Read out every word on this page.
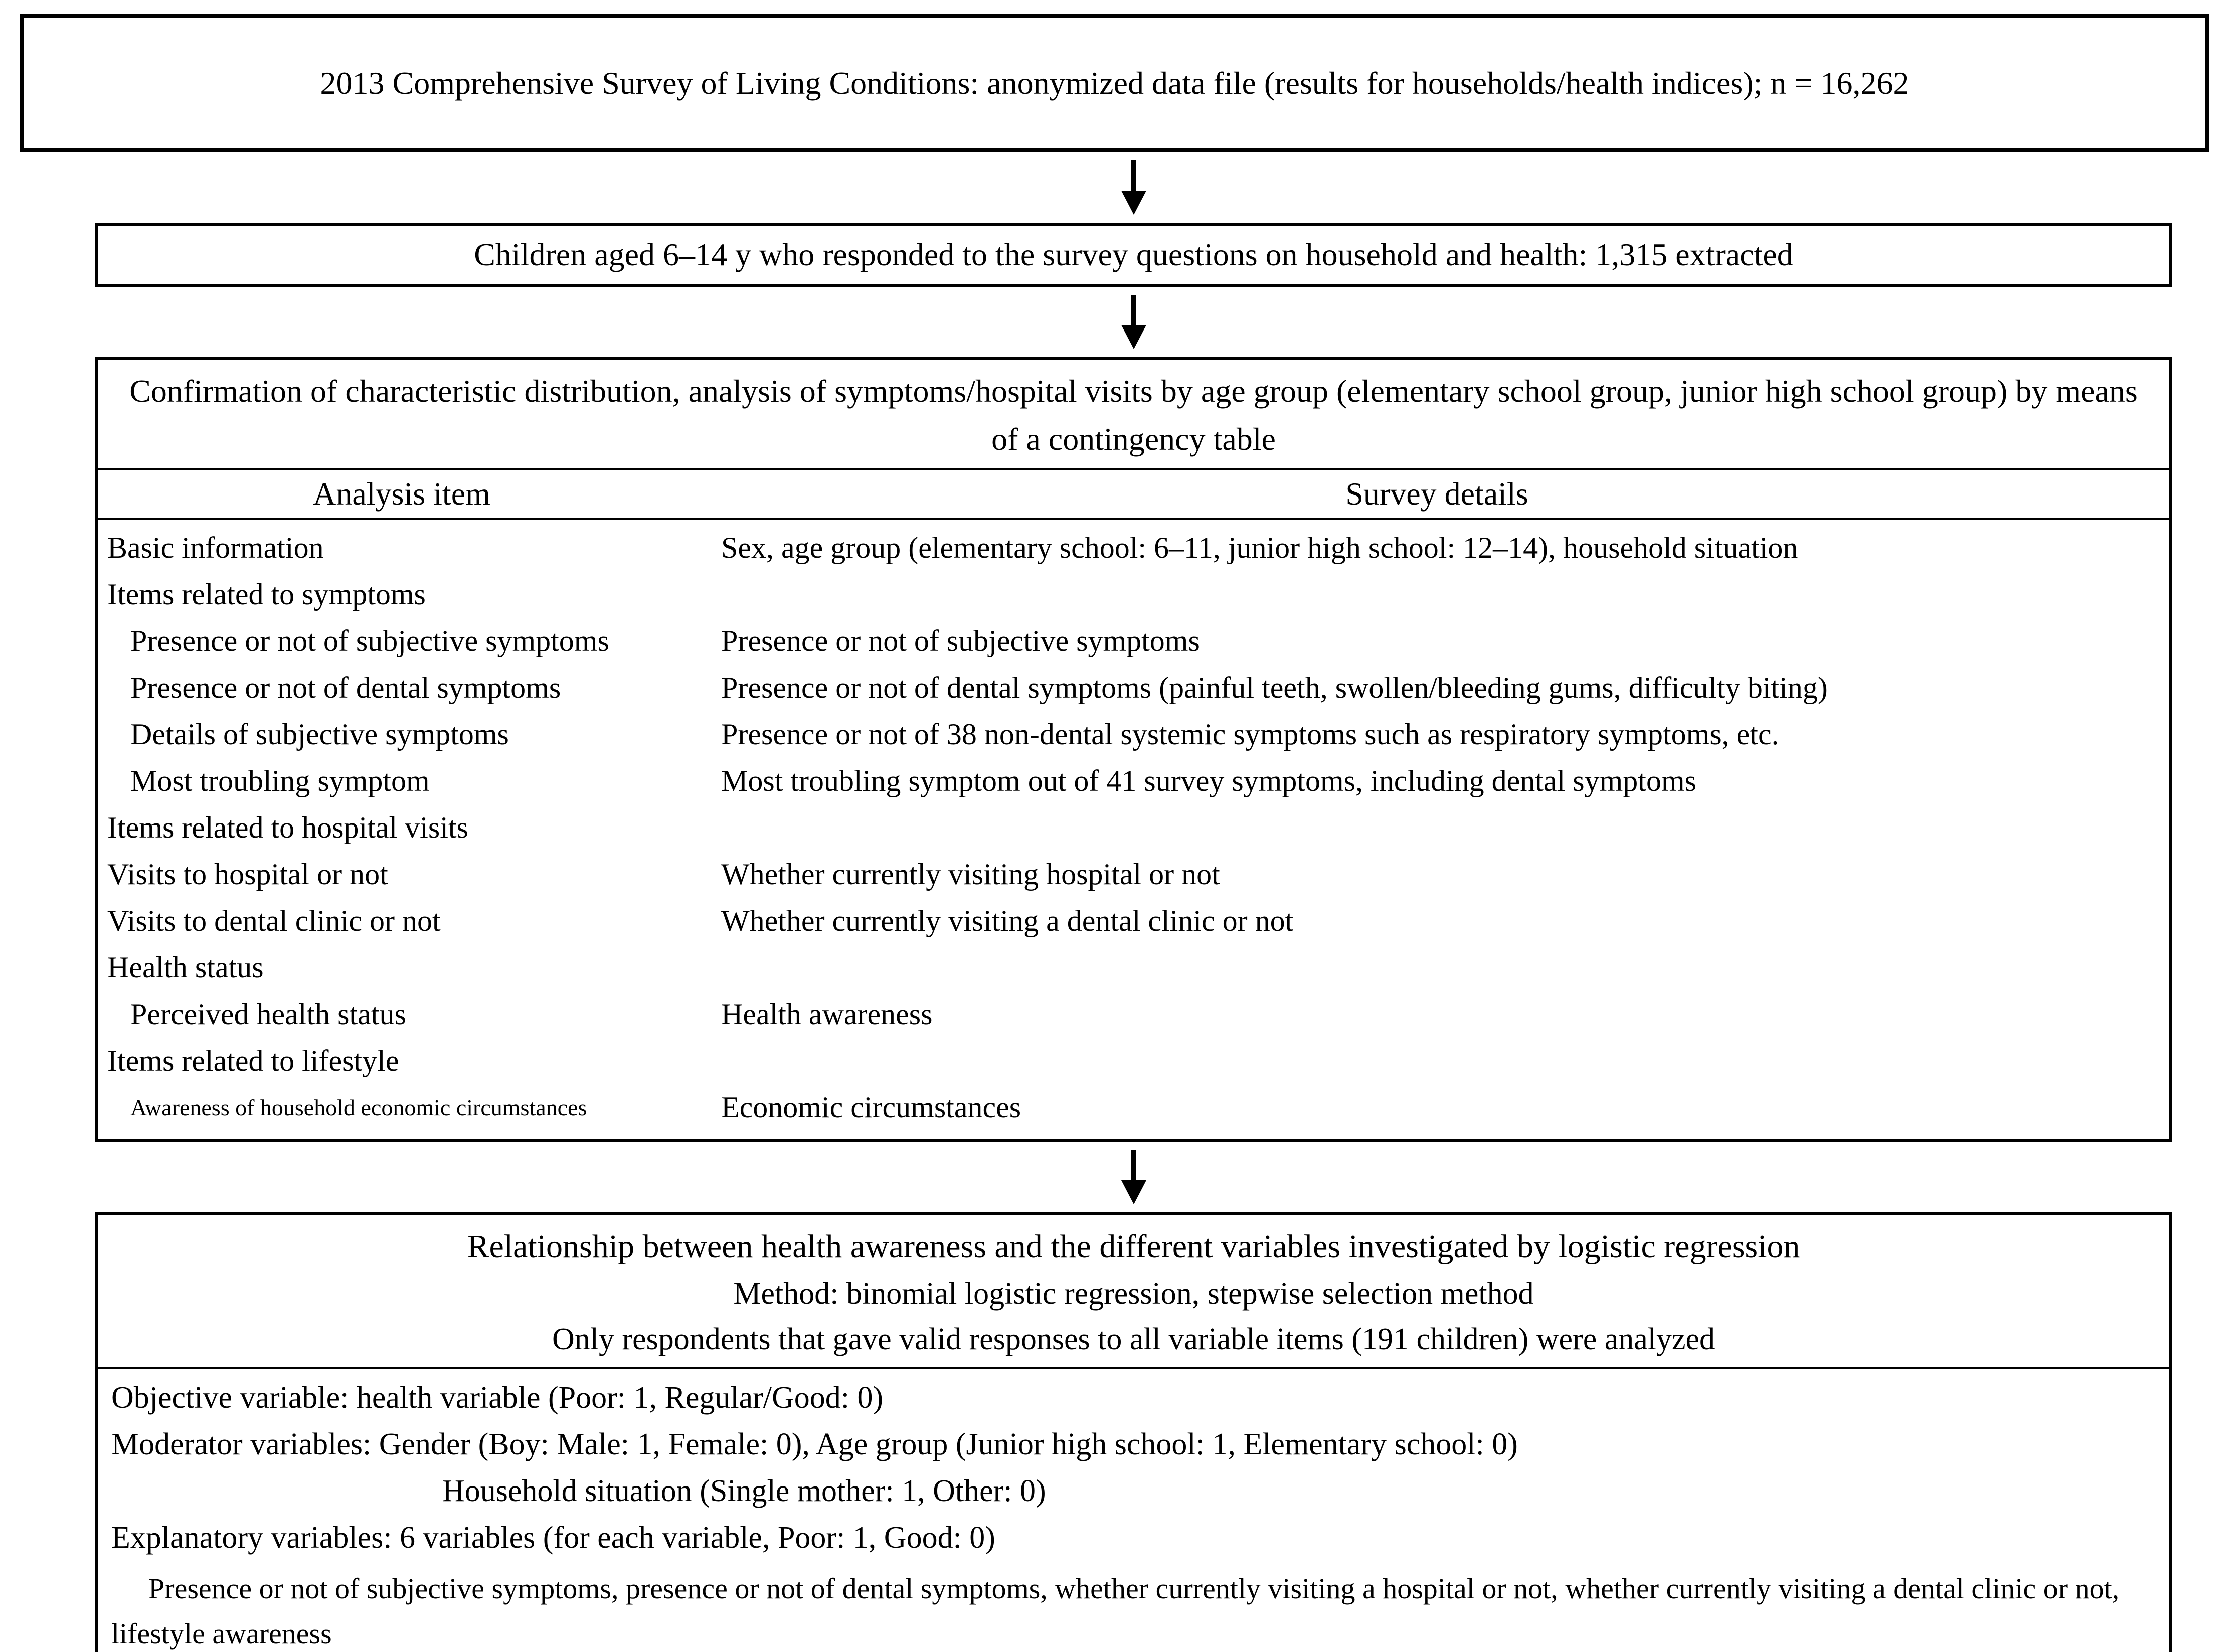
2013 Comprehensive Survey of Living Conditions: anonymized data file (results for households/health indices); n = 16,262
Children aged 6–14 y who responded to the survey questions on household and health: 1,315 extracted
Confirmation of characteristic distribution, analysis of symptoms/hospital visits by age group (elementary school group, junior high school group) by means of a contingency table
Analysis item	Survey details
Basic information	Sex, age group (elementary school: 6–11, junior high school: 12–14), household situation
Items related to symptoms
Presence or not of subjective symptoms	Presence or not of subjective symptoms
Presence or not of dental symptoms	Presence or not of dental symptoms (painful teeth, swollen/bleeding gums, difficulty biting)
Details of subjective symptoms	Presence or not of 38 non-dental systemic symptoms such as respiratory symptoms, etc.
Most troubling symptom	Most troubling symptom out of 41 survey symptoms, including dental symptoms
Items related to hospital visits
Visits to hospital or not	Whether currently visiting hospital or not
Visits to dental clinic or not	Whether currently visiting a dental clinic or not
Health status
Perceived health status	Health awareness
Items related to lifestyle
Awareness of household economic circumstances	Economic circumstances
Relationship between health awareness and the different variables investigated by logistic regression
Method: binomial logistic regression, stepwise selection method
Only respondents that gave valid responses to all variable items (191 children) were analyzed
Objective variable: health variable (Poor: 1, Regular/Good: 0)
Moderator variables: Gender (Boy: Male: 1, Female: 0), Age group (Junior high school: 1, Elementary school: 0)
Household situation (Single mother: 1, Other: 0)
Explanatory variables: 6 variables (for each variable, Poor: 1, Good: 0)

Presence or not of subjective symptoms, presence or not of dental symptoms, whether currently visiting a hospital or not, whether currently visiting a dental clinic or not, lifestyle awareness
